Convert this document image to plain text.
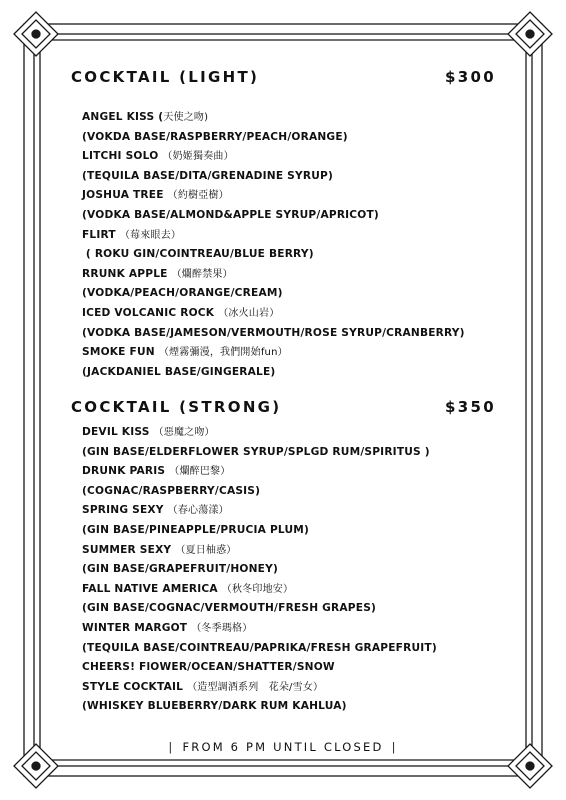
COCKTAIL (LIGHT)	$300
ANGEL KISS (天使之吻)
(VOKDA BASE/RASPBERRY/PEACH/ORANGE)
LITCHI SOLO （奶姬獨奏曲）
(TEQUILA BASE/DITA/GRENADINE SYRUP)
JOSHUA TREE （約樹亞樹）
(VODKA BASE/ALMOND&APPLE SYRUP/APRICOT)
FLIRT （莓來眼去）
( ROKU GIN/COINTREAU/BLUE BERRY)
RRUNK APPLE （爛醉禁果）
(VODKA/PEACH/ORANGE/CREAM)
ICED VOLCANIC ROCK （冰火山岩）
(VODKA BASE/JAMESON/VERMOUTH/ROSE SYRUP/CRANBERRY)
SMOKE FUN （煙霧彌漫，我們開始fun）
(JACKDANIEL BASE/GINGERALE)
COCKTAIL (STRONG)	$350
DEVIL KISS （惡魔之吻）
(GIN BASE/ELDERFLOWER SYRUP/SPLGD RUM/SPIRITUS )
DRUNK PARIS （爛醉巴黎）
(COGNAC/RASPBERRY/CASIS)
SPRING SEXY （春心蕩漾）
(GIN BASE/PINEAPPLE/PRUCIA PLUM)
SUMMER SEXY （夏日柚惑）
(GIN BASE/GRAPEFRUIT/HONEY)
FALL NATIVE AMERICA （秋冬印地安）
(GIN BASE/COGNAC/VERMOUTH/FRESH GRAPES)
WINTER MARGOT （冬季瑪格）
(TEQUILA BASE/COINTREAU/PAPRIKA/FRESH GRAPEFRUIT)
CHEERS! FlOWER/OCEAN/SHATTER/SNOW
STYLE COCKTAIL （造型調酒系列　花朵/雪女）
(WHISKEY BLUEBERRY/DARK RUM KAHLUA)
| FROM 6 PM UNTIL CLOSED |
